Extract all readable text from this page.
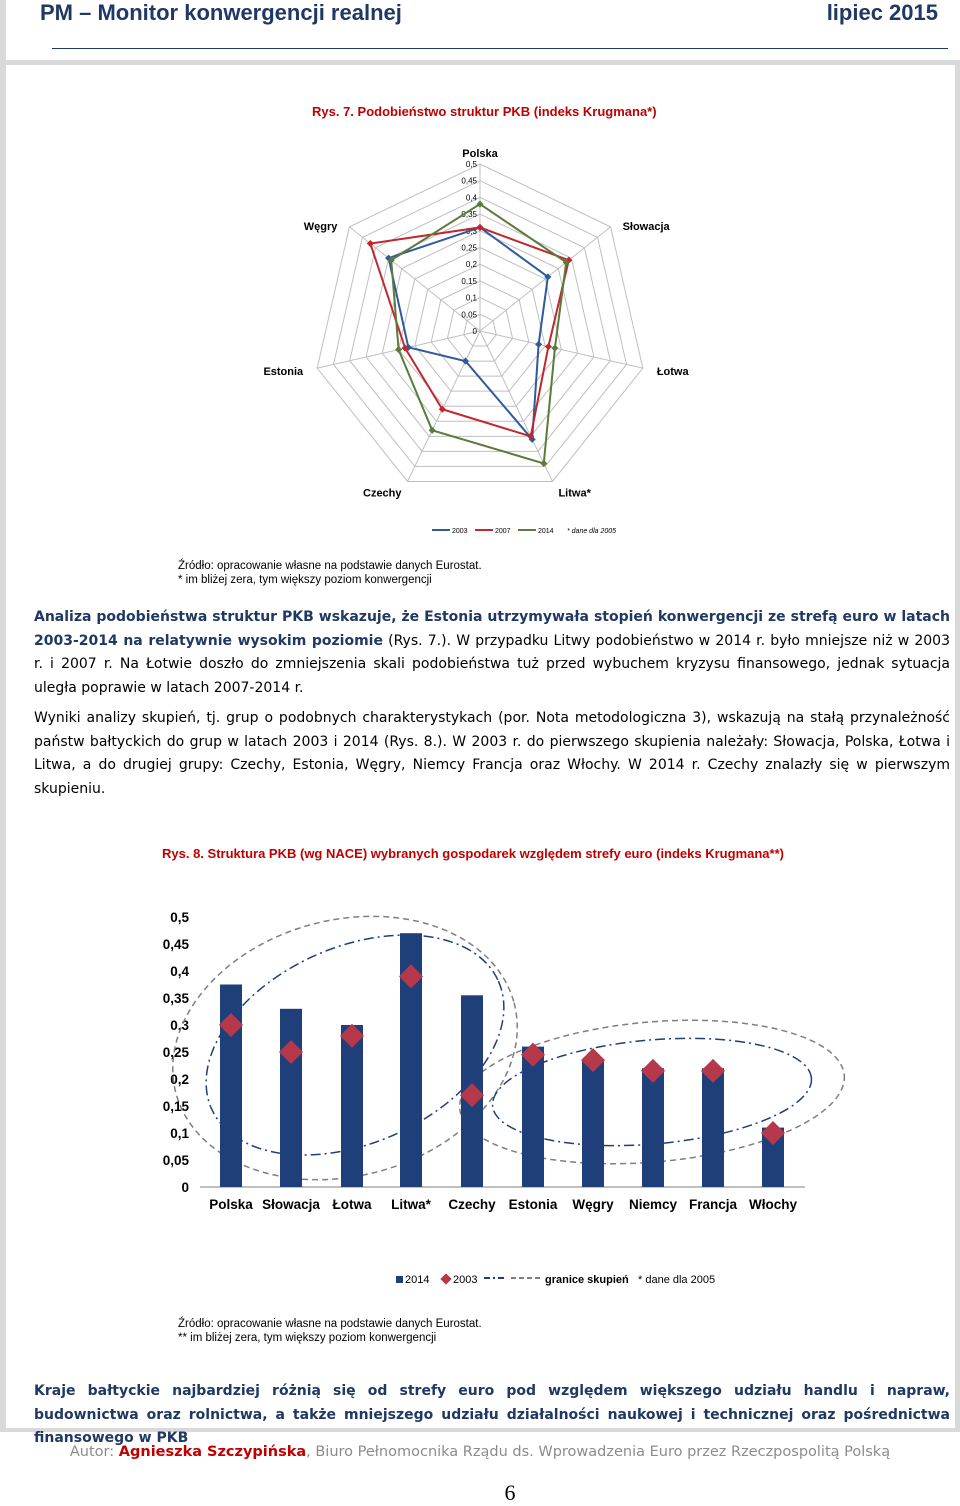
PM – Monitor konwergencji realnej	lipiec 2015
Rys. 7. Podobieństwo struktur PKB (indeks Krugmana*)
0
0,05
0,1
0,15
0,2
0,25
0,3
0,35
0,4
0,45
0,5
Polska
Słowacja
Łotwa
Litwa*
Czechy
Estonia
Węgry
2003	2007	2014 * dane dla 2005
Źródło: opracowanie własne na podstawie danych Eurostat.
* im bliżej zera, tym większy poziom konwergencji
Analiza podobieństwa struktur PKB wskazuje, że Estonia utrzymywała stopień konwergencji ze strefą euro w latach 2003-2014 na relatywnie wysokim poziomie (Rys. 7.). W przypadku Litwy podobieństwo w 2014 r. było mniejsze niż w 2003 r. i 2007 r. Na Łotwie doszło do zmniejszenia skali podobieństwa tuż przed wybuchem kryzysu finansowego, jednak sytuacja uległa poprawie w latach 2007-2014 r.
Wyniki analizy skupień, tj. grup o podobnych charakterystykach (por. Nota metodologiczna 3), wskazują na stałą przynależność państw bałtyckich do grup w latach 2003 i 2014 (Rys. 8.). W 2003 r. do pierwszego skupienia należały: Słowacja, Polska, Łotwa i Litwa, a do drugiej grupy: Czechy, Estonia, Węgry, Niemcy Francja oraz Włochy. W 2014 r. Czechy znalazły się w pierwszym skupieniu.
Rys. 8. Struktura PKB (wg NACE) wybranych gospodarek względem strefy euro (indeks Krugmana**)
0
0,05
0,1
0,15
0,2
0,25
0,3
0,35
0,4
0,45
0,5
Polska Słowacja Łotwa Litwa* Czechy Estonia Węgry Niemcy Francja Włochy
2014 2003	granice skupień * dane dla 2005
Źródło: opracowanie własne na podstawie danych Eurostat.
** im bliżej zera, tym większy poziom konwergencji
Kraje bałtyckie najbardziej różnią się od strefy euro pod względem większego udziału handlu i napraw, budownictwa oraz rolnictwa, a także mniejszego udziału działalności naukowej i technicznej oraz pośrednictwa finansowego w PKB
Autor: Agnieszka Szczypińska, Biuro Pełnomocnika Rządu ds. Wprowadzenia Euro przez Rzeczpospolitą Polską
6
